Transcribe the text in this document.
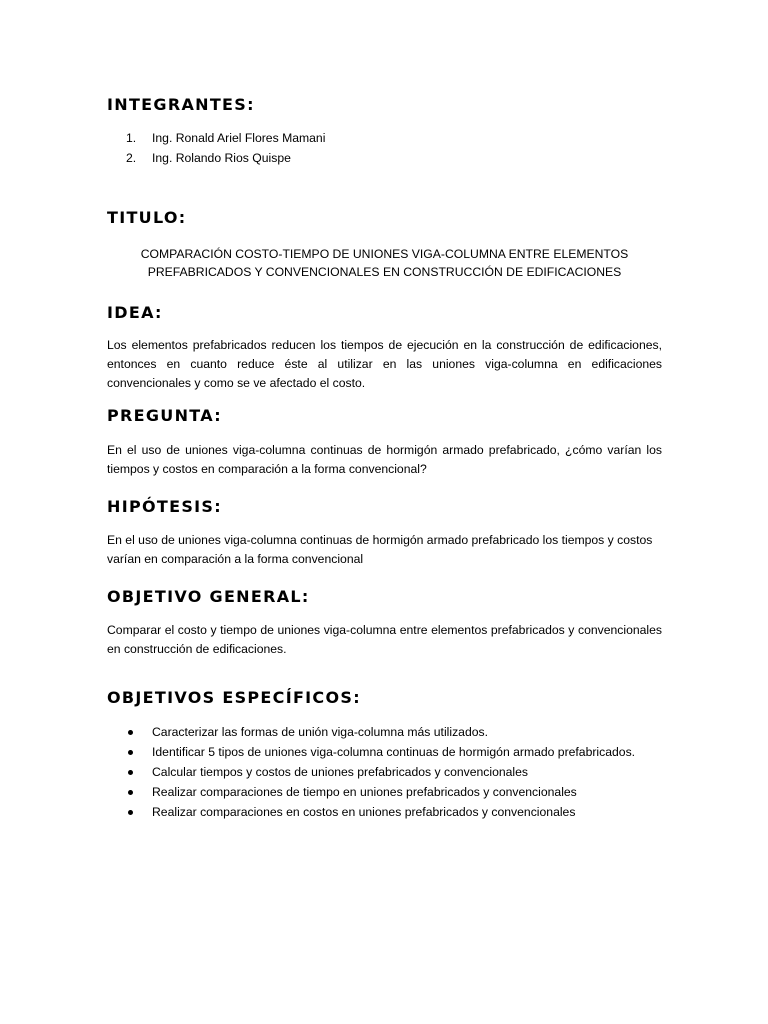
INTEGRANTES:
1. Ing. Ronald Ariel Flores Mamani
2. Ing. Rolando Rios Quispe
TITULO:
COMPARACIÓN COSTO-TIEMPO DE UNIONES VIGA-COLUMNA ENTRE ELEMENTOS
PREFABRICADOS Y CONVENCIONALES EN CONSTRUCCIÓN DE EDIFICACIONES
IDEA:

Los elementos prefabricados reducen los tiempos de ejecución en la construcción de edificaciones, entonces en cuanto reduce éste al utilizar en las uniones viga-columna en edificaciones convencionales y como se ve afectado el costo.

PREGUNTA:

En el uso de uniones viga-columna continuas de hormigón armado prefabricado, ¿cómo varían los tiempos y costos en comparación a la forma convencional?

HIPÓTESIS:

En el uso de uniones viga-columna continuas de hormigón armado prefabricado los tiempos y costos varían en comparación a la forma convencional

OBJETIVO GENERAL:

Comparar el costo y tiempo de uniones viga-columna entre elementos prefabricados y convencionales en construcción de edificaciones.

OBJETIVOS ESPECÍFICOS:
Caracterizar las formas de unión viga-columna más utilizados.
Identificar 5 tipos de uniones viga-columna continuas de hormigón armado prefabricados.
Calcular tiempos y costos de uniones prefabricados y convencionales
Realizar comparaciones de tiempo en uniones prefabricados y convencionales
Realizar comparaciones en costos en uniones prefabricados y convencionales
